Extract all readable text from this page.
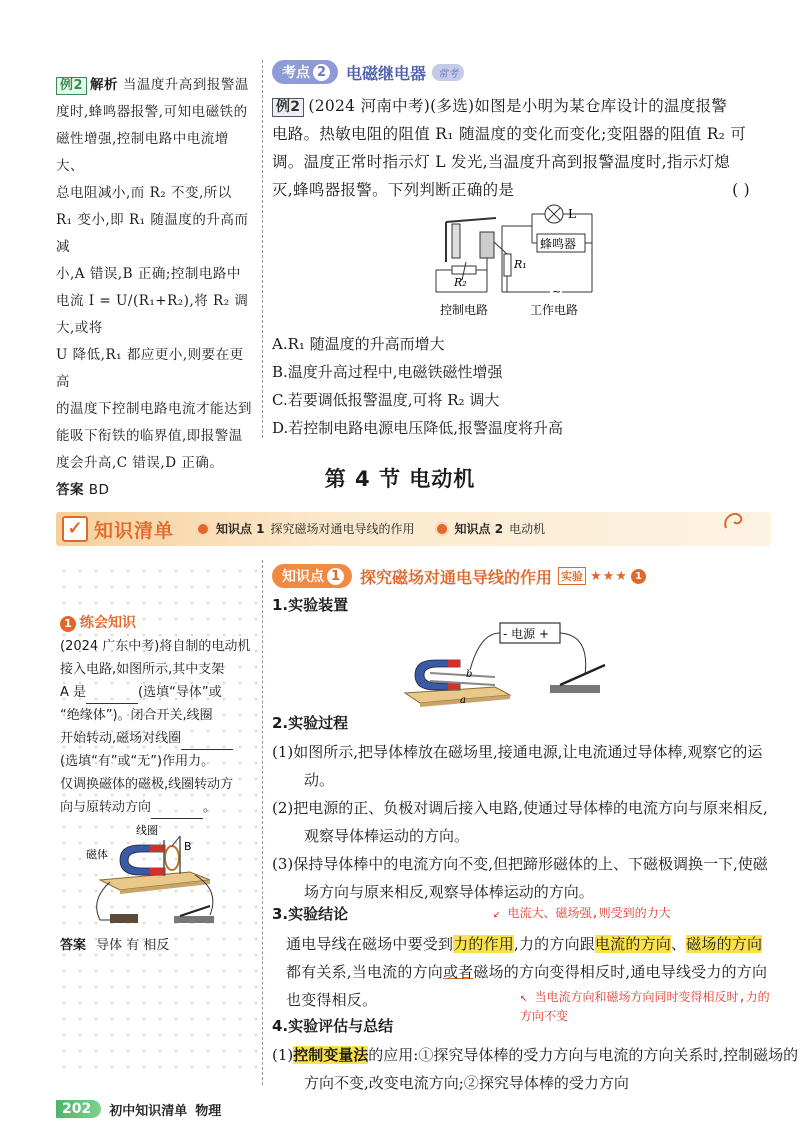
例2 解析 当温度升高到报警温
度时,蜂鸣器报警,可知电磁铁的
磁性增强,控制电路中电流增大、
总电阻减小,而 R₂ 不变,所以
R₁ 变小,即 R₁ 随温度的升高而减
小,A 错误,B 正确;控制电路中
电流 I = U/(R₁+R₂),将 R₂ 调大,或将
U 降低,R₁ 都应更小,则要在更高
的温度下控制电路电流才能达到
能吸下衔铁的临界值,即报警温
度会升高,C 错误,D 正确。
答案 BD
考点 2 电磁继电器	常考
例2 (2024 河南中考)(多选)如图是小明为某仓库设计的温度报警
电路。热敏电阻的阻值 R₁ 随温度的变化而变化;变阻器的阻值 R₂ 可
调。温度正常时指示灯 L 发光,当温度升高到报警温度时,指示灯熄
灭,蜂鸣器报警。下列判断正确的是	( )
L
蜂鸣器
R₁
R₂
~
控制电路	工作电路
A.R₁ 随温度的升高而增大
B.温度升高过程中,电磁铁磁性增强
C.若要调低报警温度,可将 R₂ 调大
D.若控制电路电源电压降低,报警温度将升高
第 4 节 电动机
✓ 知识清单	知识点 1 探究磁场对通电导线的作用	知识点 2 电动机
1 练会知识
(2024 广东中考)将自制的电动机
接入电路,如图所示,其中支架
A 是	(选填“导体”或
“绝缘体”)。闭合开关,线圈
开始转动,磁场对线圈
(选填“有”或“无”)作用力。
仅调换磁体的磁极,线圈转动方
向与原转动方向	。
线圈
磁体
B
答案 导体 有 相反
知识点 1 探究磁场对通电导线的作用 实验 ★★★ 1
1.实验装置
- 电源 +
b
a
2.实验过程
(1)如图所示,把导体棒放在磁场里,接通电源,让电流通过导体棒,观察它的运动。
(2)把电源的正、负极对调后接入电路,使通过导体棒的电流方向与原来相反,观察导体棒运动的方向。
(3)保持导体棒中的电流方向不变,但把蹄形磁体的上、下磁极调换一下,使磁场方向与原来相反,观察导体棒运动的方向。
3.实验结论	↙ 电流大、磁场强,则受到的力大
通电导线在磁场中要受到力的作用,力的方向跟电流的方向、磁场的方向都有关系,当电流的方向或者磁场的方向变得相反时,通电导线受力的方向也变得相反。	↖ 当电流方向和磁场方向同时变得相反时,力的方向不变
4.实验评估与总结
(1)控制变量法的应用:①探究导体棒的受力方向与电流的方向关系时,控制磁场的方向不变,改变电流方向;②探究导体棒的受力方向
202	初中知识清单 物理
